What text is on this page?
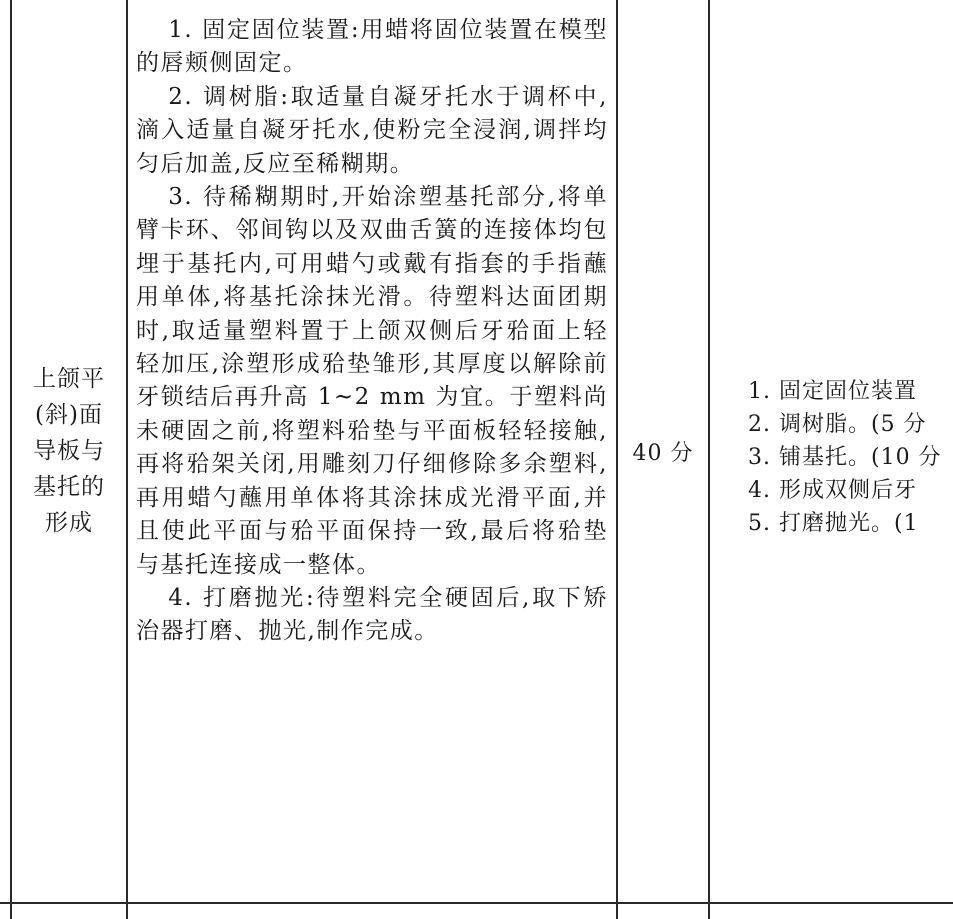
上颌平
(斜)面
导板与
基托的
形成

1. 固定固位装置:用蜡将固位装置在模型的唇颊侧固定。

2. 调树脂:取适量自凝牙托水于调杯中,滴入适量自凝牙托水,使粉完全浸润,调拌均匀后加盖,反应至稀糊期。

3. 待稀糊期时,开始涂塑基托部分,将单臂卡环、邻间钩以及双曲舌簧的连接体均包埋于基托内,可用蜡勺或戴有指套的手指蘸用单体,将基托涂抹光滑。待塑料达面团期时,取适量塑料置于上颌双侧后牙𬌗面上轻轻加压,涂塑形成𬌗垫雏形,其厚度以解除前牙锁结后再升高 1~2 mm 为宜。于塑料尚未硬固之前,将塑料𬌗垫与平面板轻轻接触,再将𬌗架关闭,用雕刻刀仔细修除多余塑料,再用蜡勺蘸用单体将其涂抹成光滑平面,并且使此平面与𬌗平面保持一致,最后将𬌗垫与基托连接成一整体。

4. 打磨抛光:待塑料完全硬固后,取下矫治器打磨、抛光,制作完成。

40 分
1. 固定固位装置
2. 调树脂。(5 分
3. 铺基托。(10 分
4. 形成双侧后牙
5. 打磨抛光。(1
